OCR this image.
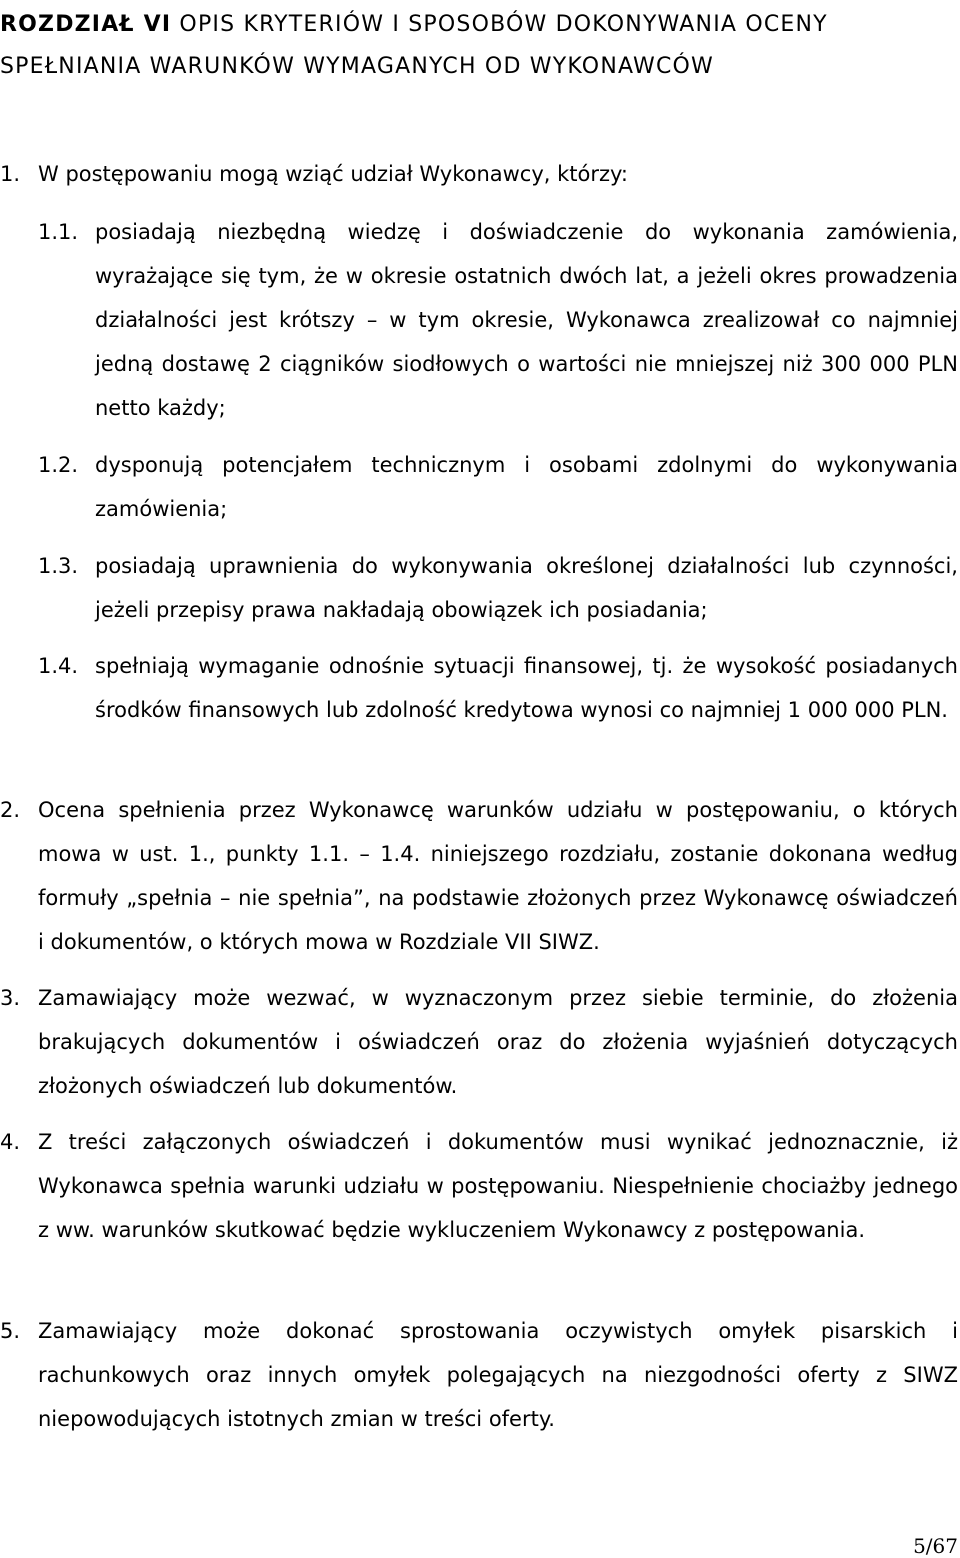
ROZDZIAŁ VI OPIS KRYTERIÓW I SPOSOBÓW DOKONYWANIA OCENY
SPEŁNIANIA WARUNKÓW WYMAGANYCH OD WYKONAWCÓW
1. W postępowaniu mogą wziąć udział Wykonawcy, którzy:
1.1. posiadają niezbędną wiedzę i doświadczenie do wykonania zamówienia, wyrażające się tym, że w okresie ostatnich dwóch lat, a jeżeli okres prowadzenia działalności jest krótszy – w tym okresie, Wykonawca zrealizował co najmniej jedną dostawę 2 ciągników siodłowych o wartości nie mniejszej niż 300 000 PLN netto każdy;
1.2. dysponują potencjałem technicznym i osobami zdolnymi do wykonywania zamówienia;
1.3. posiadają uprawnienia do wykonywania określonej działalności lub czynności, jeżeli przepisy prawa nakładają obowiązek ich posiadania;
1.4. spełniają wymaganie odnośnie sytuacji finansowej, tj. że wysokość posiadanych środków finansowych lub zdolność kredytowa wynosi co najmniej 1 000 000 PLN.
2. Ocena spełnienia przez Wykonawcę warunków udziału w postępowaniu, o których mowa w ust. 1., punkty 1.1. – 1.4. niniejszego rozdziału, zostanie dokonana według formuły „spełnia – nie spełnia”, na podstawie złożonych przez Wykonawcę oświadczeń i dokumentów, o których mowa w Rozdziale VII SIWZ.
3. Zamawiający może wezwać, w wyznaczonym przez siebie terminie, do złożenia brakujących dokumentów i oświadczeń oraz do złożenia wyjaśnień dotyczących złożonych oświadczeń lub dokumentów.
4. Z treści załączonych oświadczeń i dokumentów musi wynikać jednoznacznie, iż Wykonawca spełnia warunki udziału w postępowaniu. Niespełnienie chociażby jednego z ww. warunków skutkować będzie wykluczeniem Wykonawcy z postępowania.
5. Zamawiający może dokonać sprostowania oczywistych omyłek pisarskich i rachunkowych oraz innych omyłek polegających na niezgodności oferty z SIWZ niepowodujących istotnych zmian w treści oferty.
5/67
